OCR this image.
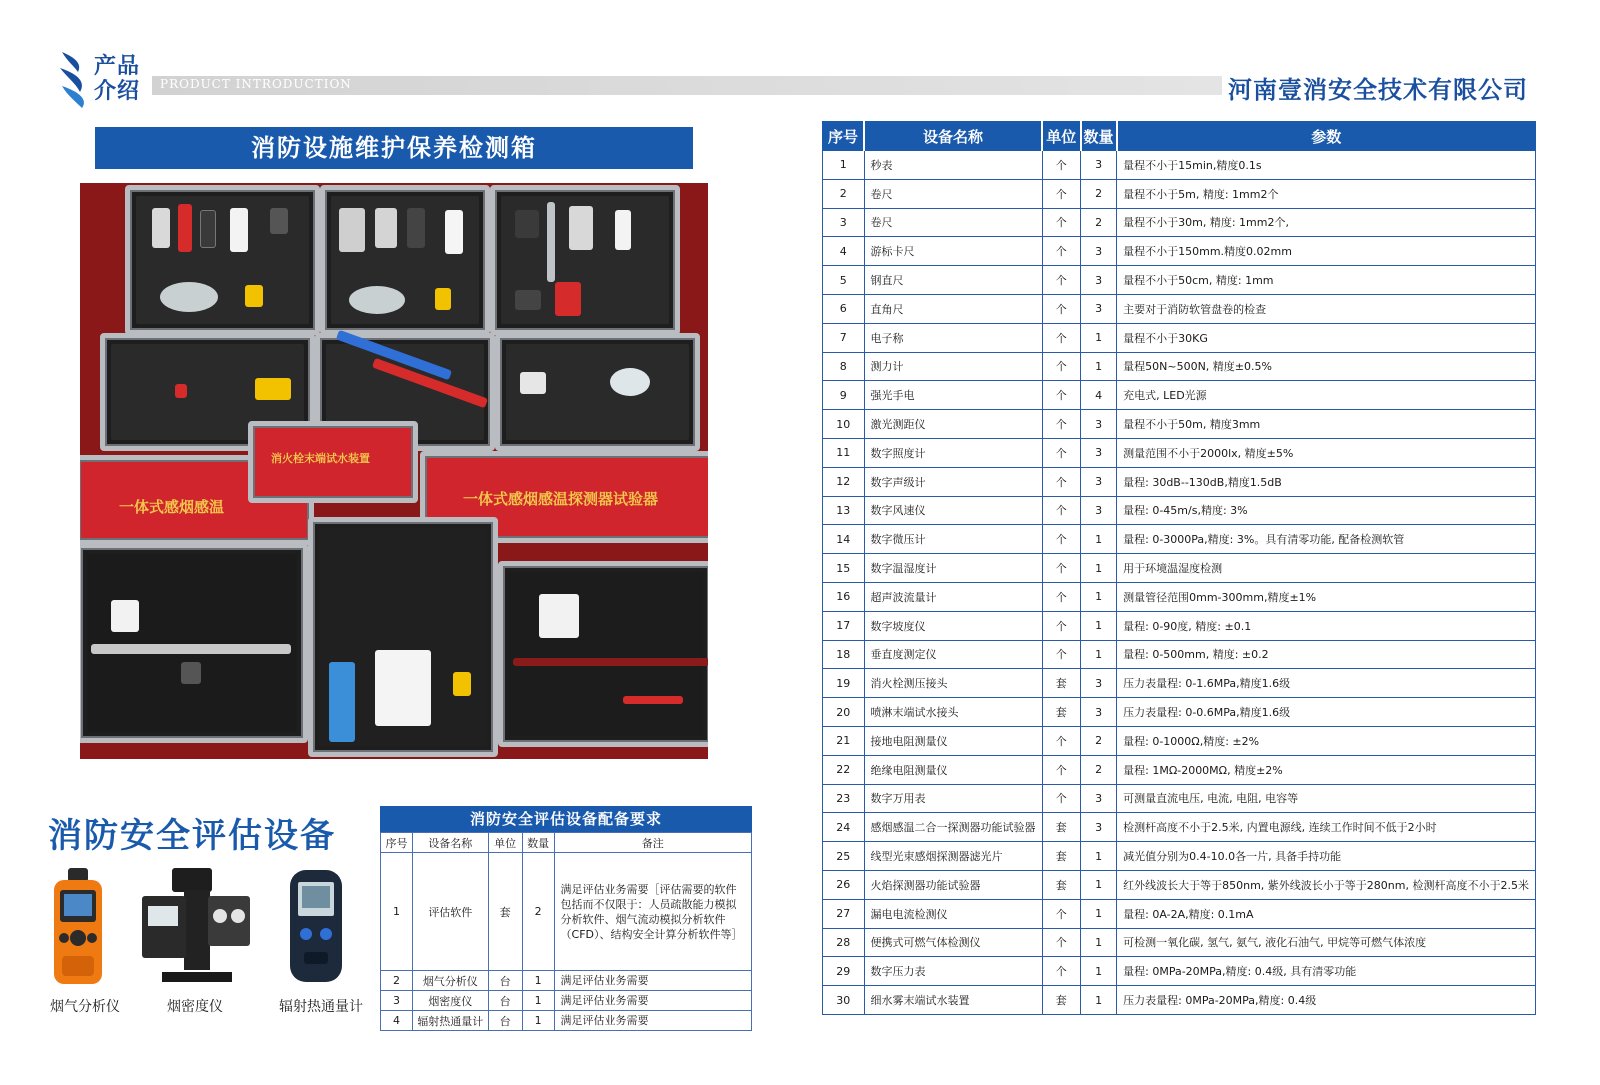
产品
介绍 PRODUCT INTRODUCTION	河南壹消安全技术有限公司
消防设施维护保养检测箱
一体式感烟感温
消火栓末端试水装置
一体式感烟感温探测器试验器
消防安全评估设备
烟气分析仪	烟密度仪	辐射热通量计
消防安全评估设备配备要求
序号	设备名称	单位	数量	备注
1	评估软件	套	2	满足评估业务需要［评估需要的软件包括而不仅限于：人员疏散能力模拟分析软件、烟气流动模拟分析软件（CFD）、结构安全计算分析软件等］
2	烟气分析仪	台	1	满足评估业务需要
3	烟密度仪	台	1	满足评估业务需要
4	辐射热通量计	台	1	满足评估业务需要
序号	设备名称	单位	数量	参数
1	秒表	个	3	量程不小于15min,精度0.1s
2	卷尺	个	2	量程不小于5m, 精度: 1mm2个
3	卷尺	个	2	量程不小于30m, 精度: 1mm2个,
4	游标卡尺	个	3	量程不小于150mm.精度0.02mm
5	钢直尺	个	3	量程不小于50cm, 精度: 1mm
6	直角尺	个	3	主要对于消防软管盘卷的检查
7	电子称	个	1	量程不小于30KG
8	测力计	个	1	量程50N~500N, 精度±0.5%
9	强光手电	个	4	充电式, LED光源
10	激光测距仪	个	3	量程不小于50m, 精度3mm
11	数字照度计	个	3	测量范围不小于2000lx, 精度±5%
12	数字声级计	个	3	量程: 30dB--130dB,精度1.5dB
13	数字风速仪	个	3	量程: 0-45m/s,精度: 3%
14	数字微压计	个	1	量程: 0-3000Pa,精度: 3%。具有清零功能, 配备检测软管
15	数字温湿度计	个	1	用于环境温湿度检测
16	超声波流量计	个	1	测量管径范围0mm-300mm,精度±1%
17	数字坡度仪	个	1	量程: 0-90度, 精度: ±0.1
18	垂直度测定仪	个	1	量程: 0-500mm, 精度: ±0.2
19	消火栓测压接头	套	3	压力表量程: 0-1.6MPa,精度1.6级
20	喷淋末端试水接头	套	3	压力表量程: 0-0.6MPa,精度1.6级
21	接地电阻测量仪	个	2	量程: 0-1000Ω,精度: ±2%
22	绝缘电阻测量仪	个	2	量程: 1MΩ-2000MΩ, 精度±2%
23	数字万用表	个	3	可测量直流电压, 电流, 电阻, 电容等
24	感烟感温二合一探测器功能试验器	套	3	检测杆高度不小于2.5米, 内置电源线, 连续工作时间不低于2小时
25	线型光束感烟探测器滤光片	套	1	减光值分别为0.4-10.0各一片, 具备手持功能
26	火焰探测器功能试验器	套	1	红外线波长大于等于850nm, 紫外线波长小于等于280nm, 检测杆高度不小于2.5米
27	漏电电流检测仪	个	1	量程: 0A-2A,精度: 0.1mA
28	便携式可燃气体检测仪	个	1	可检测一氧化碳, 氢气, 氨气, 液化石油气, 甲烷等可燃气体浓度
29	数字压力表	个	1	量程: 0MPa-20MPa,精度: 0.4级, 具有清零功能
30	细水雾末端试水装置	套	1	压力表量程: 0MPa-20MPa,精度: 0.4级
